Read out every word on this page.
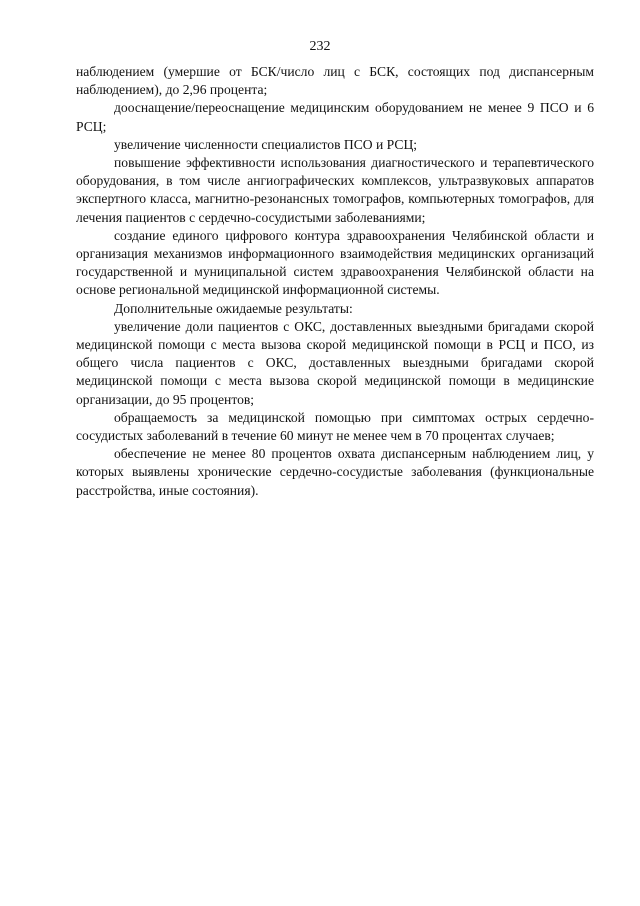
232

наблюдением (умершие от БСК/число лиц с БСК, состоящих под диспансерным наблюдением), до 2,96 процента;

дооснащение/переоснащение медицинским оборудованием не менее 9 ПСО и 6 РСЦ;

увеличение численности специалистов ПСО и РСЦ;

повышение эффективности использования диагностического и терапевтического оборудования, в том числе ангиографических комплексов, ультразвуковых аппаратов экспертного класса, магнитно-резонансных томографов, компьютерных томографов, для лечения пациентов с сердечно-сосудистыми заболеваниями;

создание единого цифрового контура здравоохранения Челябинской области и организация механизмов информационного взаимодействия медицинских организаций государственной и муниципальной систем здравоохранения Челябинской области на основе региональной медицинской информационной системы.

Дополнительные ожидаемые результаты:

увеличение доли пациентов с ОКС, доставленных выездными бригадами скорой медицинской помощи с места вызова скорой медицинской помощи в РСЦ и ПСО, из общего числа пациентов с ОКС, доставленных выездными бригадами скорой медицинской помощи с места вызова скорой медицинской помощи в медицинские организации, до 95 процентов;

обращаемость за медицинской помощью при симптомах острых сердечно-сосудистых заболеваний в течение 60 минут не менее чем в 70 процентах случаев;

обеспечение не менее 80 процентов охвата диспансерным наблюдением лиц, у которых выявлены хронические сердечно-сосудистые заболевания (функциональные расстройства, иные состояния).
